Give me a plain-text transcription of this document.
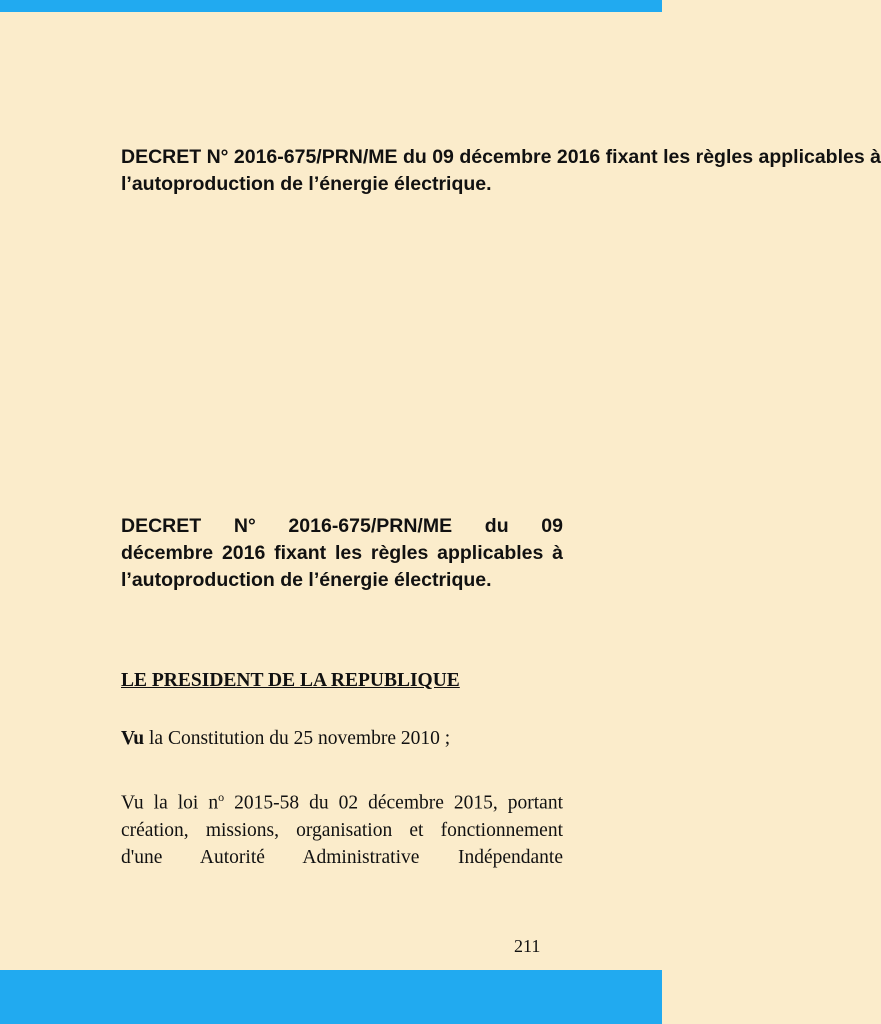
DECRET N° 2016-675/PRN/ME du 09 décembre 2016 fixant les règles applicables à
l’autoproduction de l’énergie électrique.
DECRET N° 2016-675/PRN/ME du 09
décembre 2016 fixant les règles applicables à
l’autoproduction de l’énergie électrique.
LE PRESIDENT DE LA REPUBLIQUE
Vu la Constitution du 25 novembre 2010 ;
Vu la loi $n^o$ 2015-58 du 02 décembre 2015, portant
création, missions, organisation et fonctionnement
d'une Autorité Administrative Indépendante
211
